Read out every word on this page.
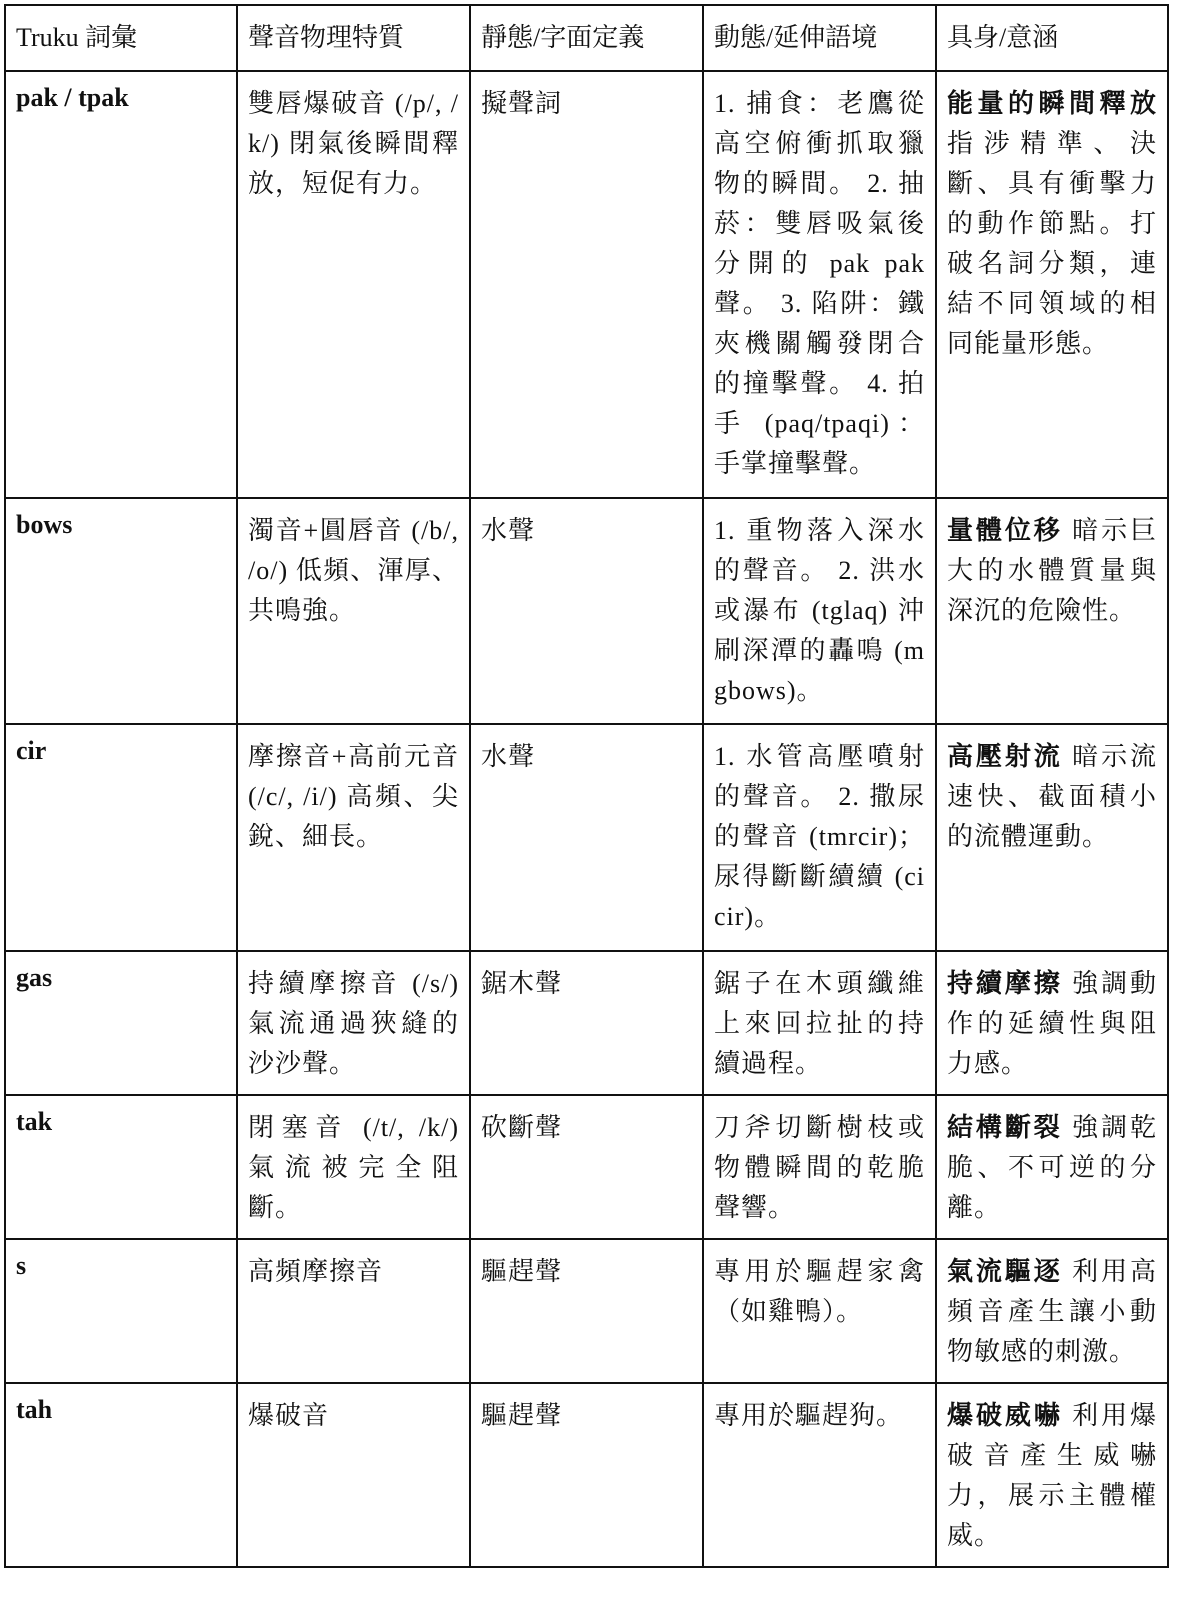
Truku 詞彙	聲音物理特質	靜態/字面定義	動態/延伸語境	具身/意涵
pak / tpak	雙唇爆破音 (/p/, /k/) 閉氣後瞬間釋放，短促有力。	擬聲詞	1. 捕食：老鷹從高空俯衝抓取獵物的瞬間。 2. 抽菸：雙唇吸氣後分開的 pak pak 聲。 3. 陷阱：鐵夾機關觸發閉合的撞擊聲。 4. 拍手 (paq/tpaqi)：手掌撞擊聲。	能量的瞬間釋放 指涉精準、決斷、具有衝擊力的動作節點。打破名詞分類，連結不同領域的相同能量形態。
bows	濁音+圓唇音 (/b/, /o/) 低頻、渾厚、共鳴強。	水聲	1. 重物落入深水的聲音。 2. 洪水或瀑布 (tglaq) 沖刷深潭的轟鳴 (mgbows)。	量體位移 暗示巨大的水體質量與深沉的危險性。
cir	摩擦音+高前元音 (/c/, /i/) 高頻、尖銳、細長。	水聲	1. 水管高壓噴射的聲音。 2. 撒尿的聲音 (tmrcir)；尿得斷斷續續 (cicir)。	高壓射流 暗示流速快、截面積小的流體運動。
gas	持續摩擦音 (/s/) 氣流通過狹縫的沙沙聲。	鋸木聲	鋸子在木頭纖維上來回拉扯的持續過程。	持續摩擦 強調動作的延續性與阻力感。
tak	閉塞音 (/t/, /k/) 氣流被完全阻斷。	砍斷聲	刀斧切斷樹枝或物體瞬間的乾脆聲響。	結構斷裂 強調乾脆、不可逆的分離。
s	高頻摩擦音	驅趕聲	專用於驅趕家禽（如雞鴨）。	氣流驅逐 利用高頻音產生讓小動物敏感的刺激。
tah	爆破音	驅趕聲	專用於驅趕狗。	爆破威嚇 利用爆破音產生威嚇力，展示主體權威。
